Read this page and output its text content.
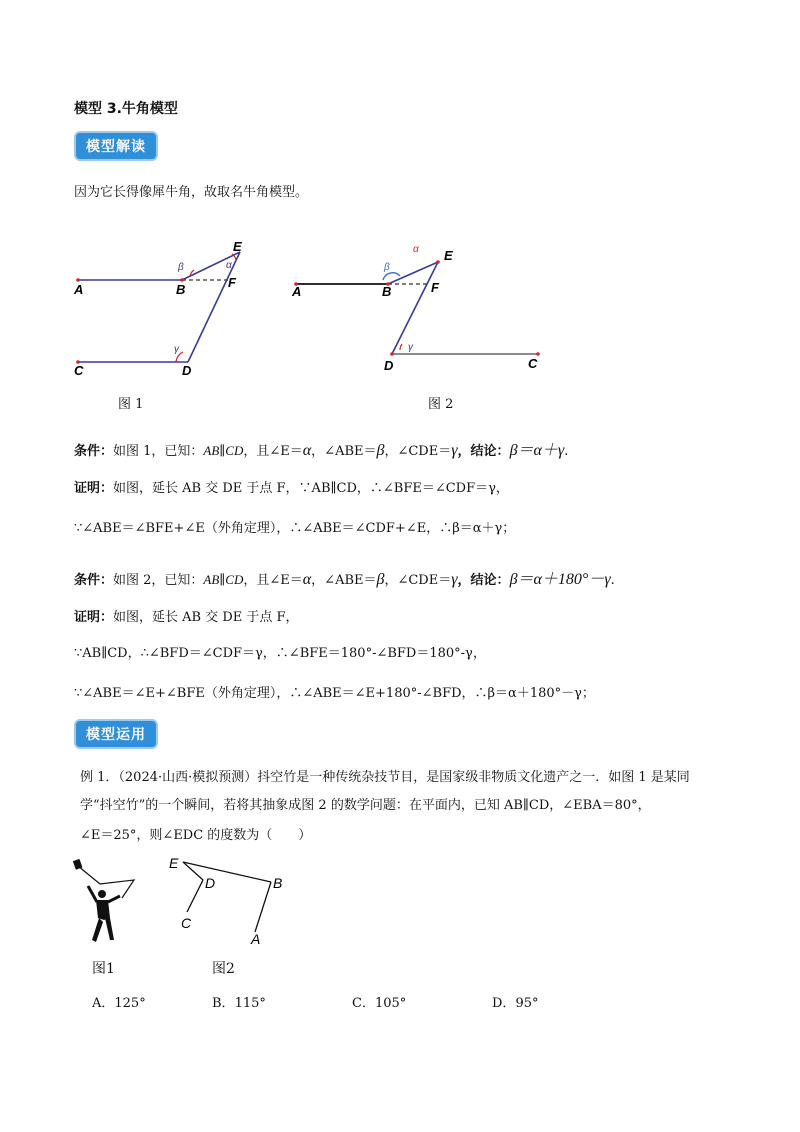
模型 3.牛角模型
模型解读
因为它长得像犀牛角，故取名牛角模型。
A	B
C	D
E
F
β	α
γ
图 1
A	B
C
D
E
F
α
β
γ
图 2
条件：如图 1，已知：AB∥CD，且∠E＝α，∠ABE＝β，∠CDE＝γ，结论：β＝α＋γ.
证明：如图，延长 AB 交 DE 于点 F，∵AB∥CD，∴∠BFE＝∠CDF＝γ，
∵∠ABE＝∠BFE+∠E（外角定理），∴∠ABE＝∠CDF+∠E，∴β＝α＋γ；
条件：如图 2，已知：AB∥CD，且∠E＝α，∠ABE＝β，∠CDE＝γ，结论：β＝α＋180°－γ.
证明：如图，延长 AB 交 DE 于点 F，
∵AB∥CD，∴∠BFD＝∠CDF＝γ，∴∠BFE＝180°-∠BFD＝180°-γ，
∵∠ABE＝∠E+∠BFE（外角定理），∴∠ABE＝∠E+180°-∠BFD，∴β＝α＋180°－γ；
模型运用
例 1．（2024·山西·模拟预测）抖空竹是一种传统杂技节目，是国家级非物质文化遗产之一．如图 1 是某同
学“抖空竹”的一个瞬间，若将其抽象成图 2 的数学问题：在平面内，已知 AB∥CD，∠EBA＝80°，
∠E＝25°，则∠EDC 的度数为（　　）
图1
E
D	B
C
A
图2
A．125°	B．115°	C．105°	D．95°
